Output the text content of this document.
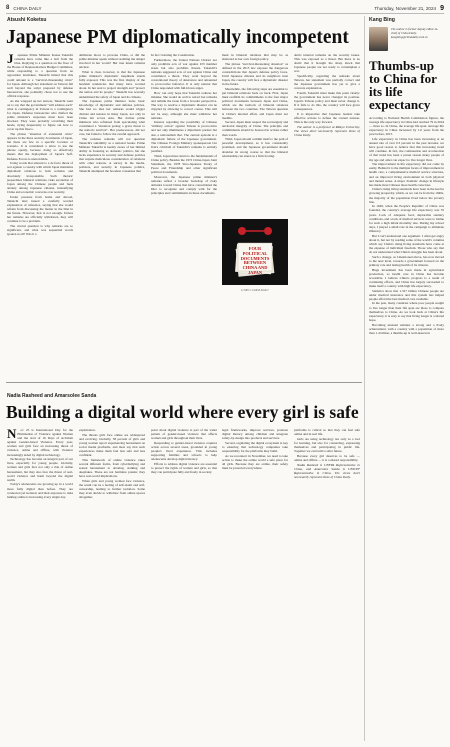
8 CHINA DAILY	Thursday, November 21, 2024 9
Atsushi Koketsu
Japanese PM diplomatically incompetent
J	apanese Prime Minister Kazue Takaichi remarks have come like a bolt from the blue. Replying to a question on the floor of the House of Representatives Budget Committee, while responding to a question from an opposition lawmaker, Takaichi hinted that this could amount to a "survival-threatening crisis" for Japan. Although her statement on Taiwan fell well beyond the script prepared by defense bureaucrats, she pointedly chose not to use the official response.

As she wrapped up her answer, Takaichi went on to say that the government "will address each" what is contingency in Taiwan is a contingency for Japan. Defense bureaucrats who drafted the prime minister's responses must have been shocked. They were probably scratching their heads, trying desperately to figure out how to cover up this fiasco.

The phrase "situation of existential crisis" appears in the three security documents of Japan, but there are few in a specific location or scenario. It is considered a taboo to use the phrase openly, because doing so effectively means that the deployment of Japan's Self-Defense Forces is unavoidable.

Using words that amount to a de facto threat of war against a country with which Japan maintains diplomatic relations is both reckless and absolutely irresponsible. Such rhetoric jeopardizes bilateral relations, risks escalation of Japan among the Chinese people and fuels anxiety among Japanese citizens, intensifying China and economic concerns over security.

Under pressure from home and abroad, Takaichi later issued a carefully worded explanation of reference, saying that she would refrain from discussing the matter in the Diet in the future. However, that is not enough. Unless her remarks are officially withdrawn, they will continue to be a problem.

The crucial question is why remarks are so significant, and what was sequential words spoken at all? Was it a

deliberate move to provoke China, or did the prime minister speak without realizing the danger involved in her words? Her true intent remains unclear.

What is clear, however, is that the Japanese prime minister's diplomatic ineptitude stands fully exposed. This was the first display of the hawkish tendencies that many have worried about. In her zeal to project strength and "protect the nation and its people," Takaichi has severely undermined the safety of Japan and its citizens.

The Japanese prime minister lacks basic knowledge of diplomatic and defense policies. She had no idea her remarks would trigger distrust and tension in many Japan, not only in China but across Asia. Her former prime ministers who refrained from speculating what constituted a "situation posing a grave threat to the nation's survival". Her predecessors, did not care, but failed to follow the careful approach.

The reckless remarks will not question Takaichi's suitability as a national leader. Prime Minister Takaichi is keenly aware of her limited ability in fostering as domestic politics, but she lacks experience in security and defense policies that require meticulous consideration of relations with other nations. A survey in the media, pollsters, and security in Japanese politics, Takaichi attempted the broadest consensus that

In fact violating the Constitution.

Furthermore, the United Nations Charter not only prohibits acts of war against UN member states but also prohibits threats. Takaichi's remarks suggested acts of war against China and constituted a threat. They went beyond the conventional theory of deterrence and amounted to provocative behavior. It is only natural that China responded with full-blown anger.

How can only hope that Takaichi realizes her mistake. She would do well to retract her remarks and rethink the issue from a broader perspective. The way to resolve a diplomatic disaster can be crippled by allowing to correct course. This will not be easy, although she must withdraw her remarks.

Instead, regarding the possibility of Chinese "military action" against Taiwan is provocative and not only illuminates a diplomatic partner but also a nationalism that. The current episode is a diplomatic failure of the Japanese government. The Chinese Foreign Ministry spokesperson Lin Jian's criticism of Takaichi's remarks is entirely justified.

Third, Japan must return to the fundamentals of China policy. Besides the 1972 China-Japan Joint Statement, the 1978 Sino-Japanese Treaty of Peace and Friendship and other significant political documents.

Moreover, the Japanese prime minister's remarks reflect a broader backdrop of risky attitudes toward China that have consolidated the Diet to recognize and comply with for the principles and commitments in these documents.

ment in bilateral relations that may be as shattered as her own foreign policy.

The phrase "survival-threatening situation" as defined in the 2015 law exposes the dangerous contradictions that Japan's defense policy faces. Until Japanese citizens and its neighbors trust Japan, the country will face a diplomatic disaster in the future.

Meanwhile, the following steps are essential to put bilateral relations back on track. First, Japan must reaffirm its commitments to the four major political documents between Japan and China, which are the bedrock of bilateral relations between the two countries. The Taiwan question is China's internal affair, and Japan must not meddle.

Second, Japan must respect the sovereignty and territorial integrity of China. The principle and commitments should be honored in actions rather than words.

Third, Japan should commit itself to the path of peaceful development, as it has consistently promised, and the Japanese government should abandon its wrong course so that the bilateral relationship can stand on a firm footing.

FOUR POLITICAL DOCUMENTS BETWEEN CHINA AND JAPAN
LI MIN / CHINA DAILY

dent's internal remarks on the security issues. This was exposed as a threat. But there is no doubt that it brought the sharp shock that Japanese people are not ready to contemplate a war.

Specifically, regarding the remarks about Taiwan, her statement was partially correct and the Japanese government has yet to give a concrete explanation.

Fourth, Takaichi must make this point clearly: the government has never changed its position. Japan's Taiwan policy and must never change it. If it fails to do this, the country will face grave consequences.

It is imperative that Japanese leaders take effective actions to defuse the current tension. This is the only way forward.

The author is a professor at Rikkyo University. The views don't necessarily represent those of China Daily.

Kang Bing
The author is former deputy editor-in-chief of China Daily. kangbing@chinadaily.com.cn
Thumbs-up to China for its life expectancy

According to National Health Commission figures, the average life expectancy in China had reached 79 in 2024 — more so. In China, the average life span. Average life expectancy in China increased by 1.6 years from the year before, 2015.

Life expectancy in China has been increasing at an annual rate of over 0.3 percent in the past decades, we have good reason to believe that this increasing trend will continue. In fact, the continuation and acceleration of that trend has been a preset reason many people of my age and older can expect to live longer lives.

The improvement in life expectancy did not come by easily. Behind it is the multiple facets of improvement in health care, a comprehensive medical service structure, and an improved living environment in both physical and mental sense. A major dramatic change in lifestyle has made most Chinese more health conscious.

China's rising living standards have been in the lead in growing prosperity, which, as we can be from the 1940s, the majority of the population lived below the poverty line.

In 1949, when the People's Republic of China was founded, the country's average life expectancy was 35 years. Lack of adequate food, deplorable sanitary conditions, and a lack of medical services were to blame for such a high infant mortality rate. During my school days, I played a small role in the campaign to eliminate illiteracy.

But I can't understand one argument. I often get angry about it, but not by reading some of the world's columns which say China's rising living standards have come at the expense of individual freedom. Those who say that do not understand what China's struggle has been about.

Such a change, as I mentioned above, has now moved to the next level, towards a government focused on the primary role and lasting health of its citizens.

Huge investment has been made in agricultural production, so health care in China has become accessible. I believe China's progress is a result of continuing efforts, and China has largely succeeded to make itself a country with high life expectancy.

Statistics show that 1.527 billion Chinese people are under medical insurance and this system has helped people afford the best medical care available.

In the past, many countries where poor people sought to live longer than their life span are those to compare themselves to China. As we look back at China's life expectancy, it is easy to say that living longer is a shared hope.

Becoming unusual remains a strong and a lively achievement, with a country with a population of more than 1.4 billion, a thumbs-up is well-deserved.

Nadia Rasheed and Amarsolee Sanda
Building a digital world where every girl is safe
N	ov 25 is International Day for the Elimination of Violence against Women and the start of 16 Days of Activism against Gender-based Violence. Every year, women and girls face an increasing threat of violence, online and offline, with violence increasingly aided by digital technology.

Technology has become an integral part of our lives, especially for young people. Globally, women and girls face not only a risk of online harassment, but they also face the threat of real-world violence and harm beyond the digital realm.

Today's adolescents are growing up in a world more fully digital than before. They are connected yet isolated, and their exposure to risks lurking online is increasing every single day.

exploitation.

The threats girls face online are widespread and evolving. Globally, 58 percent of girls and young women report experiencing harassment on social media platforms, and most say that such experiences make them feel less safe and less confident.

This framework of online violence takes several different forms, from cyberbullying and sexual harassment to doxxing, stalking and deepfakes. These are not harmless pranks; they have real-world implications.

When girls and young women face violence, the result can be a feeling of self-doubt and self-censorship, leading to further isolation. Some may even decide to withdraw from online spaces altogether.

point about digital violence is part of the wider pattern of gender-based violence that affects women and girls throughout their lives.

Responding to gender-based violence requires action across several areas, grounded in young people's lived experience. This includes supporting families and schools to help adolescents develop digital literacy.

Efforts to address digital violence are essential to protect the rights of women and girls, so that they can participate fully and freely in society.

legal frameworks, improve services, promote digital literacy among children and integrate safety-by-design into products and services.

Second, regulating the digital ecosystem is key to ensuring that technology companies take responsibility for the platforms they build.

As we reconnect in November, we need to take action to make the online world a safe place for all girls. Because they are online, their safety must be protected everywhere.

platforms is critical so that they can feel safe online and in real life.

Girls are using technology not only as a tool for learning, but also for connecting, expressing themselves and participating in public life. Together we can build a safer future.

Because every girl deserves to be safe — online and offline — it is a shared responsibility.

Nadia Rasheed is UNFPA Representative in China, and Amarsolee Sanda is UNICEF Representative in China. The views don't necessarily represent those of China Daily.
